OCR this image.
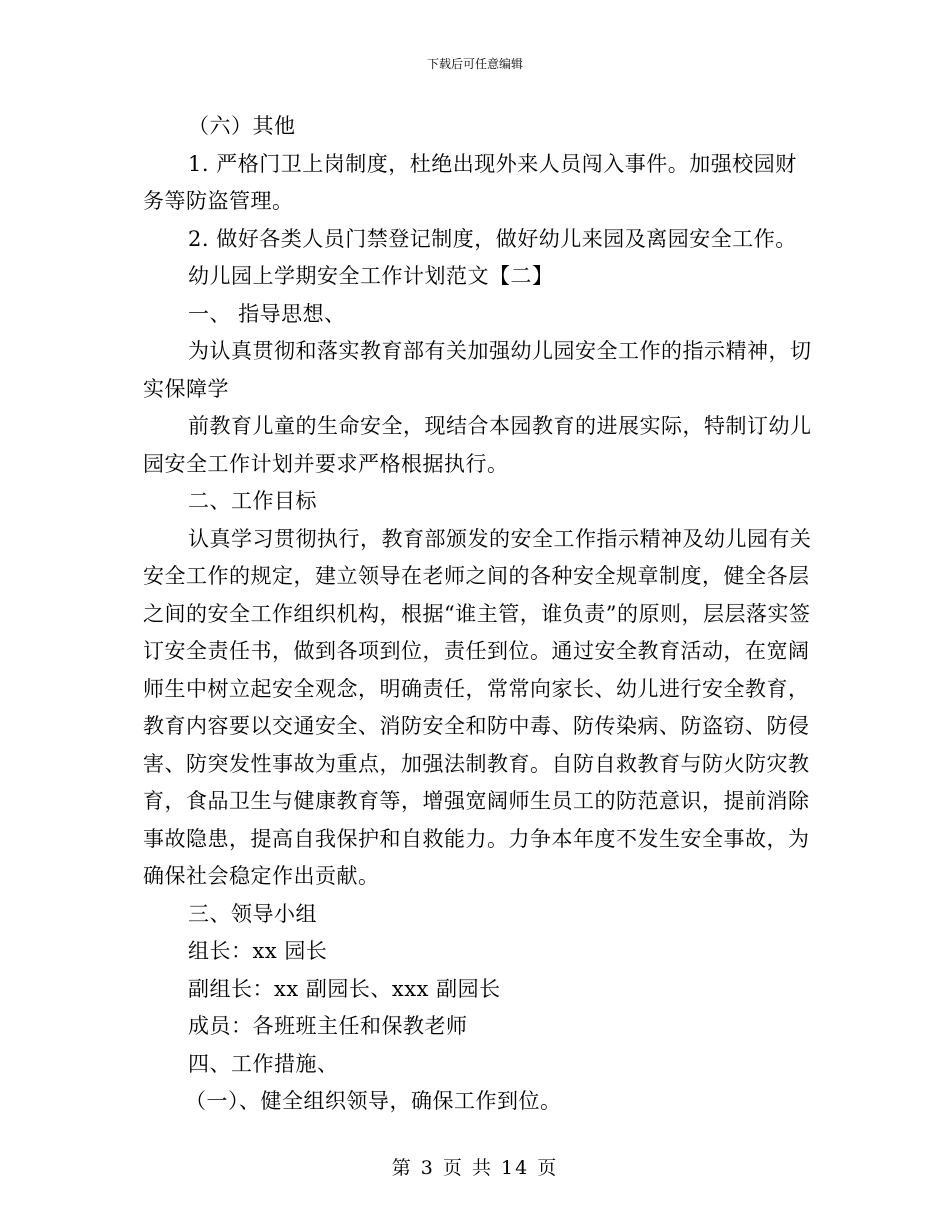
下载后可任意编辑

（六）其他

1. 严格门卫上岗制度，杜绝出现外来人员闯入事件。加强校园财务等防盗管理。

2. 做好各类人员门禁登记制度，做好幼儿来园及离园安全工作。

幼儿园上学期安全工作计划范文【二】

一、 指导思想、

为认真贯彻和落实教育部有关加强幼儿园安全工作的指示精神，切实保障学

前教育儿童的生命安全，现结合本园教育的进展实际，特制订幼儿园安全工作计划并要求严格根据执行。

二、工作目标

认真学习贯彻执行，教育部颁发的安全工作指示精神及幼儿园有关安全工作的规定，建立领导在老师之间的各种安全规章制度，健全各层之间的安全工作组织机构，根据“谁主管，谁负责”的原则，层层落实签订安全责任书，做到各项到位，责任到位。通过安全教育活动，在宽阔师生中树立起安全观念，明确责任，常常向家长、幼儿进行安全教育，教育内容要以交通安全、消防安全和防中毒、防传染病、防盗窃、防侵害、防突发性事故为重点，加强法制教育。自防自救教育与防火防灾教育，食品卫生与健康教育等，增强宽阔师生员工的防范意识，提前消除事故隐患，提高自我保护和自救能力。力争本年度不发生安全事故，为确保社会稳定作出贡献。

三、领导小组

组长：xx 园长

副组长：xx 副园长、xxx 副园长

成员：各班班主任和保教老师

四、工作措施、

（一）、健全组织领导，确保工作到位。

第 3 页 共 14 页
